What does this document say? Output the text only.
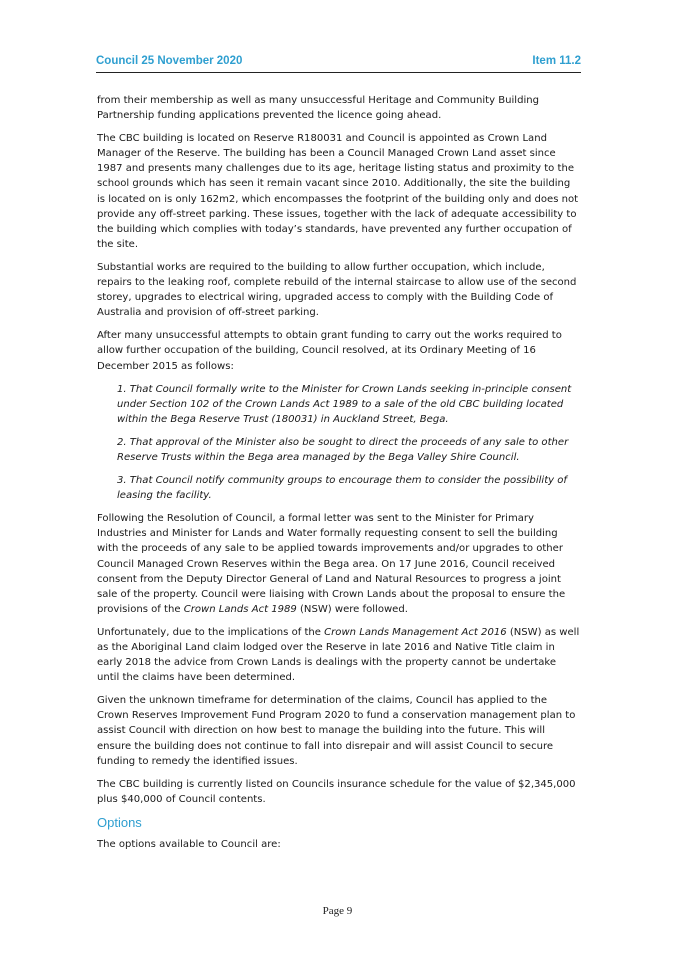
Council 25 November 2020	Item 11.2

from their membership as well as many unsuccessful Heritage and Community Building Partnership funding applications prevented the licence going ahead.

The CBC building is located on Reserve R180031 and Council is appointed as Crown Land Manager of the Reserve. The building has been a Council Managed Crown Land asset since 1987 and presents many challenges due to its age, heritage listing status and proximity to the school grounds which has seen it remain vacant since 2010. Additionally, the site the building is located on is only 162m2, which encompasses the footprint of the building only and does not provide any off-street parking. These issues, together with the lack of adequate accessibility to the building which complies with today’s standards, have prevented any further occupation of the site.

Substantial works are required to the building to allow further occupation, which include, repairs to the leaking roof, complete rebuild of the internal staircase to allow use of the second storey, upgrades to electrical wiring, upgraded access to comply with the Building Code of Australia and provision of off-street parking.

After many unsuccessful attempts to obtain grant funding to carry out the works required to allow further occupation of the building, Council resolved, at its Ordinary Meeting of 16 December 2015 as follows:

1. That Council formally write to the Minister for Crown Lands seeking in-principle consent under Section 102 of the Crown Lands Act 1989 to a sale of the old CBC building located within the Bega Reserve Trust (180031) in Auckland Street, Bega.

2. That approval of the Minister also be sought to direct the proceeds of any sale to other Reserve Trusts within the Bega area managed by the Bega Valley Shire Council.

3. That Council notify community groups to encourage them to consider the possibility of leasing the facility.

Following the Resolution of Council, a formal letter was sent to the Minister for Primary Industries and Minister for Lands and Water formally requesting consent to sell the building with the proceeds of any sale to be applied towards improvements and/or upgrades to other Council Managed Crown Reserves within the Bega area. On 17 June 2016, Council received consent from the Deputy Director General of Land and Natural Resources to progress a joint sale of the property. Council were liaising with Crown Lands about the proposal to ensure the provisions of the Crown Lands Act 1989 (NSW) were followed.

Unfortunately, due to the implications of the Crown Lands Management Act 2016 (NSW) as well as the Aboriginal Land claim lodged over the Reserve in late 2016 and Native Title claim in early 2018 the advice from Crown Lands is dealings with the property cannot be undertake until the claims have been determined.

Given the unknown timeframe for determination of the claims, Council has applied to the Crown Reserves Improvement Fund Program 2020 to fund a conservation management plan to assist Council with direction on how best to manage the building into the future. This will ensure the building does not continue to fall into disrepair and will assist Council to secure funding to remedy the identified issues.

The CBC building is currently listed on Councils insurance schedule for the value of $2,345,000 plus $40,000 of Council contents.

Options

The options available to Council are:

Page 9
